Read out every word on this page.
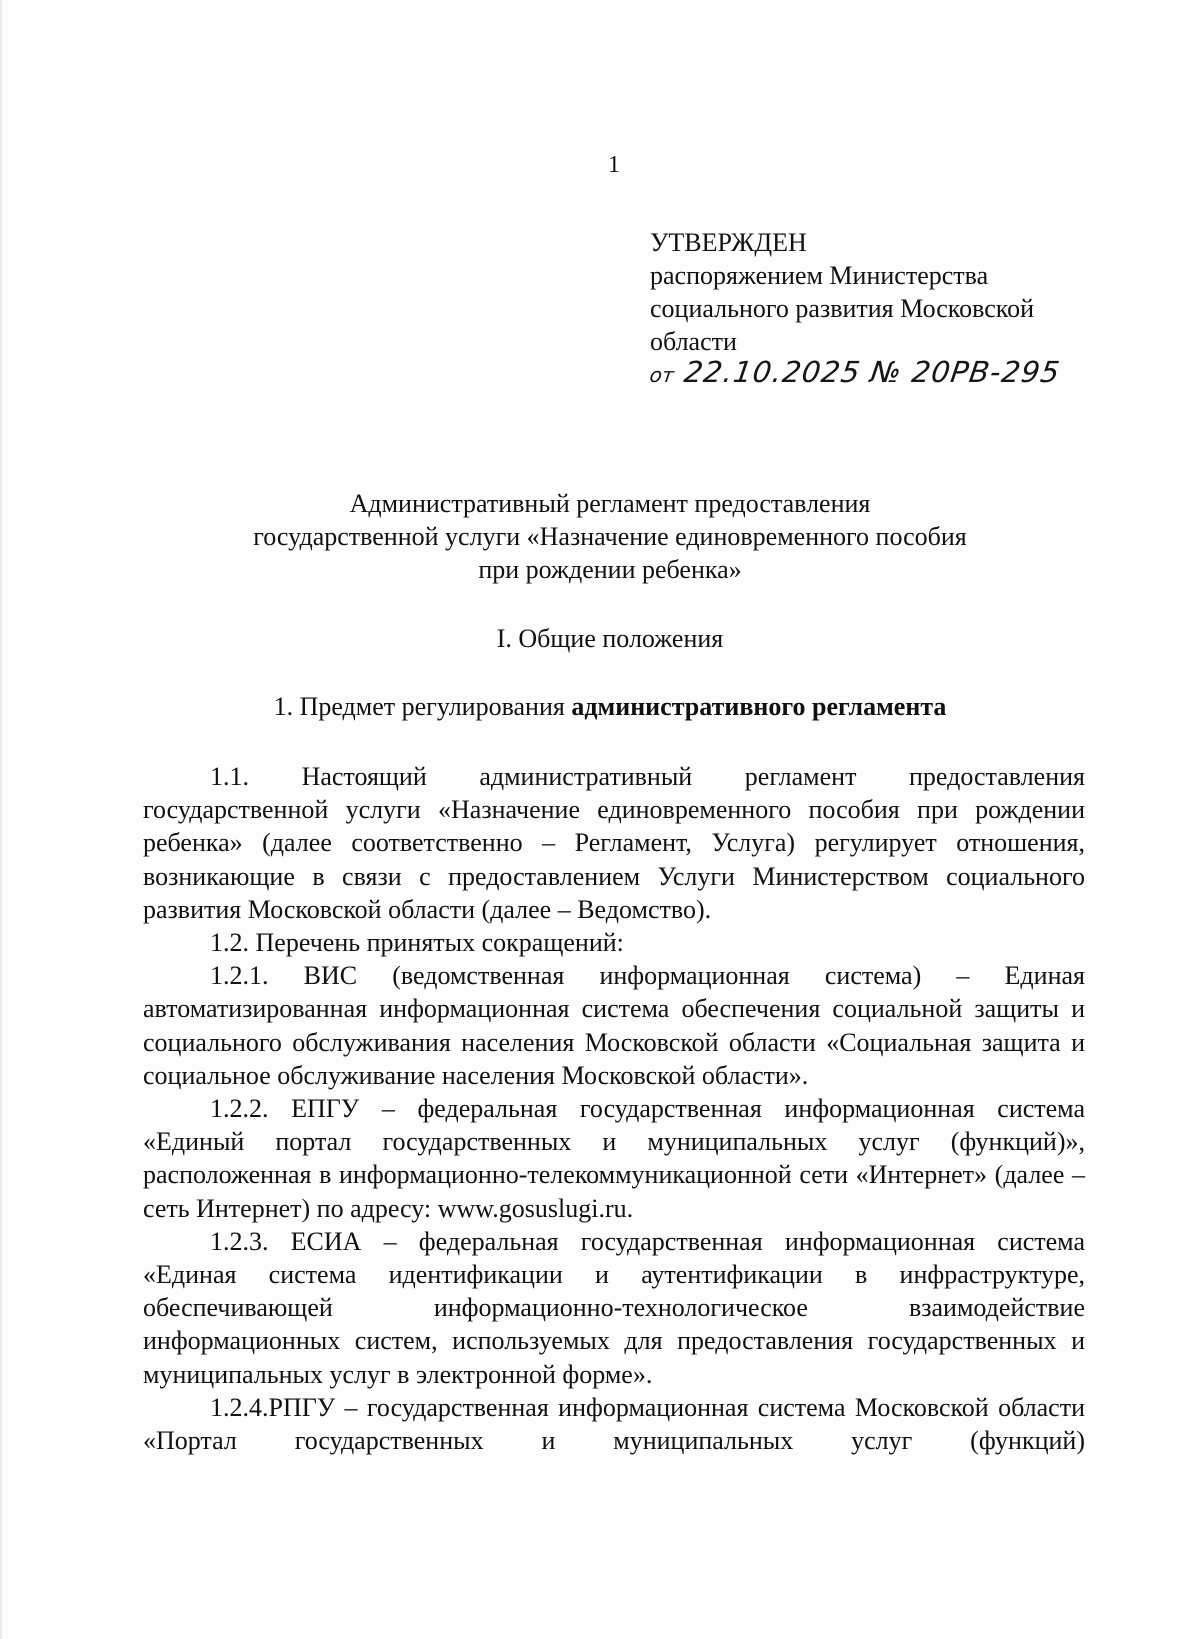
1
УТВЕРЖДЕН
распоряжением Министерства
социального развития Московской
области
от 22.10.2025 № 20РВ-295
Административный регламент предоставления
государственной услуги «Назначение единовременного пособия
при рождении ребенка»
I. Общие положения
1. Предмет регулирования административного регламента

1.1. Настоящий административный регламент предоставления государственной услуги «Назначение единовременного пособия при рождении ребенка» (далее соответственно – Регламент, Услуга) регулирует отношения, возникающие в связи с предоставлением Услуги Министерством социального развития Московской области (далее – Ведомство).

1.2. Перечень принятых сокращений:

1.2.1. ВИС (ведомственная информационная система) – Единая автоматизированная информационная система обеспечения социальной защиты и социального обслуживания населения Московской области «Социальная защита и социальное обслуживание населения Московской области».

1.2.2. ЕПГУ – федеральная государственная информационная система «Единый портал государственных и муниципальных услуг (функций)», расположенная в информационно-телекоммуникационной сети «Интернет» (далее – сеть Интернет) по адресу: www.gosuslugi.ru.

1.2.3. ЕСИА – федеральная государственная информационная система «Единая система идентификации и аутентификации в инфраструктуре, обеспечивающей информационно-технологическое взаимодействие информационных систем, используемых для предоставления государственных и муниципальных услуг в электронной форме».

1.2.4.РПГУ – государственная информационная система Московской области «Портал государственных и муниципальных услуг (функций)
